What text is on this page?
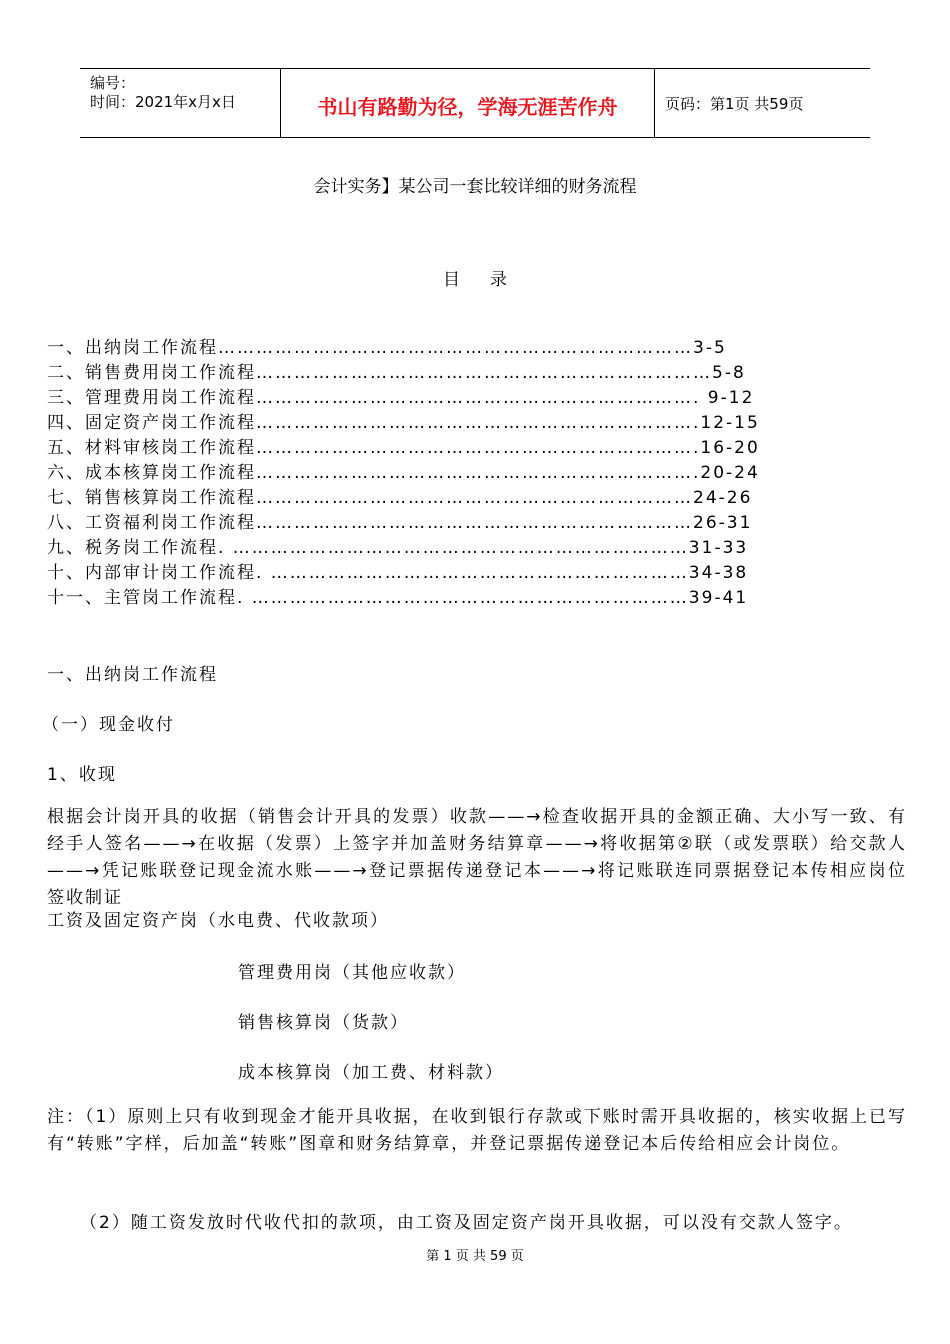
编号：
时间：2021年x月x日	书山有路勤为径，学海无涯苦作舟	页码：第1页 共59页
会计实务】某公司一套比较详细的财务流程
目录
一、出纳岗工作流程…………………………………………………………………3-5
二、销售费用岗工作流程………………………………………………………………5-8
三、管理费用岗工作流程……………………………………………………………. 9-12
四、固定资产岗工作流程…………………………………………………………….12-15
五、材料审核岗工作流程…………………………………………………………….16-20
六、成本核算岗工作流程…………………………………………………………….20-24
七、销售核算岗工作流程……………………………………………………………24-26
八、工资福利岗工作流程……………………………………………………………26-31
九、税务岗工作流程. ………………………………………………………………31-33
十、内部审计岗工作流程. …………………………………………………………34-38
十一、主管岗工作流程. ……………………………………………………………39-41
一、出纳岗工作流程
（一）现金收付
1、收现
根据会计岗开具的收据（销售会计开具的发票）收款——→检查收据开具的金额正确、大小写一致、有经手人签名——→在收据（发票）上签字并加盖财务结算章——→将收据第②联（或发票联）给交款人——→凭记账联登记现金流水账——→登记票据传递登记本——→将记账联连同票据登记本传相应岗位签收制证
工资及固定资产岗（水电费、代收款项）
管理费用岗（其他应收款）
销售核算岗（货款）
成本核算岗（加工费、材料款）
注：（1）原则上只有收到现金才能开具收据，在收到银行存款或下账时需开具收据的，核实收据上已写有“转账”字样，后加盖“转账”图章和财务结算章，并登记票据传递登记本后传给相应会计岗位。
（2）随工资发放时代收代扣的款项，由工资及固定资产岗开具收据，可以没有交款人签字。
第 1 页 共 59 页
